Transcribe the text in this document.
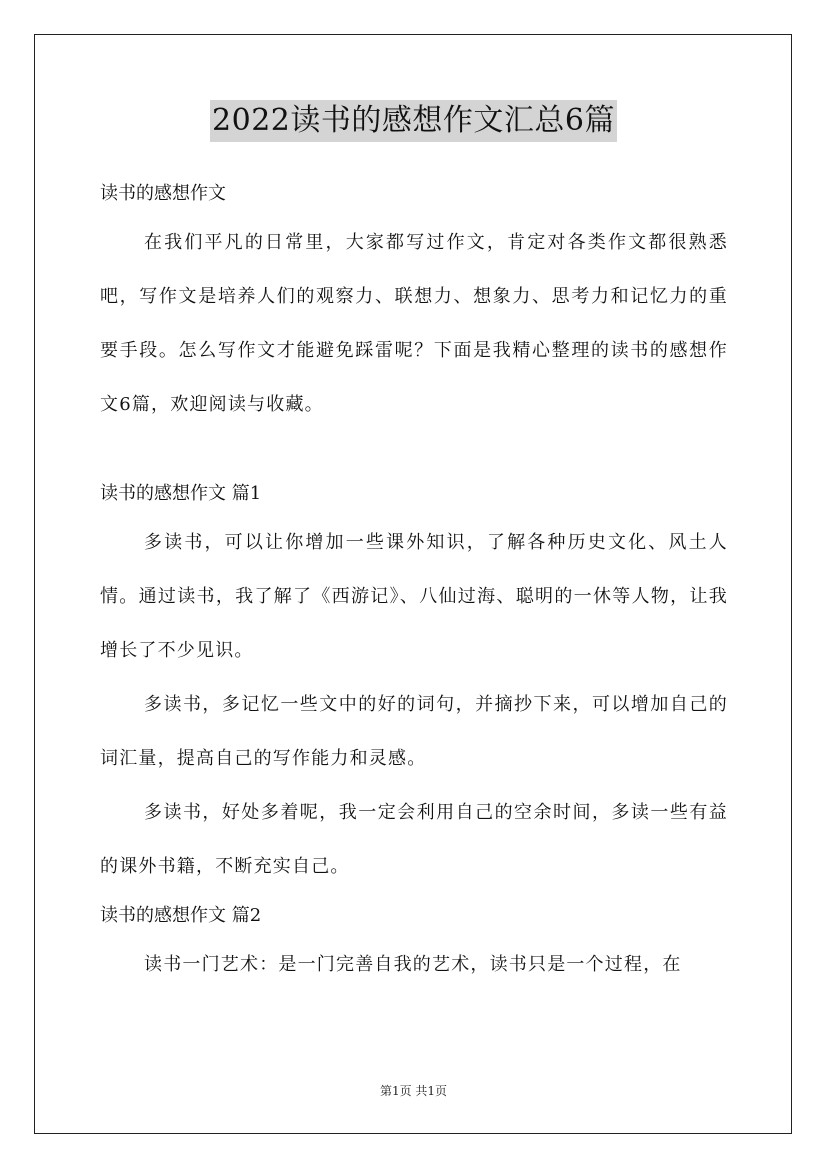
2022读书的感想作文汇总6篇

读书的感想作文

在我们平凡的日常里，大家都写过作文，肯定对各类作文都很熟悉吧，写作文是培养人们的观察力、联想力、想象力、思考力和记忆力的重要手段。怎么写作文才能避免踩雷呢？下面是我精心整理的读书的感想作文6篇，欢迎阅读与收藏。

读书的感想作文 篇1

多读书，可以让你增加一些课外知识，了解各种历史文化、风土人情。通过读书，我了解了《西游记》、八仙过海、聪明的一休等人物，让我增长了不少见识。

多读书，多记忆一些文中的好的词句，并摘抄下来，可以增加自己的词汇量，提高自己的写作能力和灵感。

多读书，好处多着呢，我一定会利用自己的空余时间，多读一些有益的课外书籍，不断充实自己。

读书的感想作文 篇2

读书一门艺术：是一门完善自我的艺术，读书只是一个过程，在

第1页 共1页
